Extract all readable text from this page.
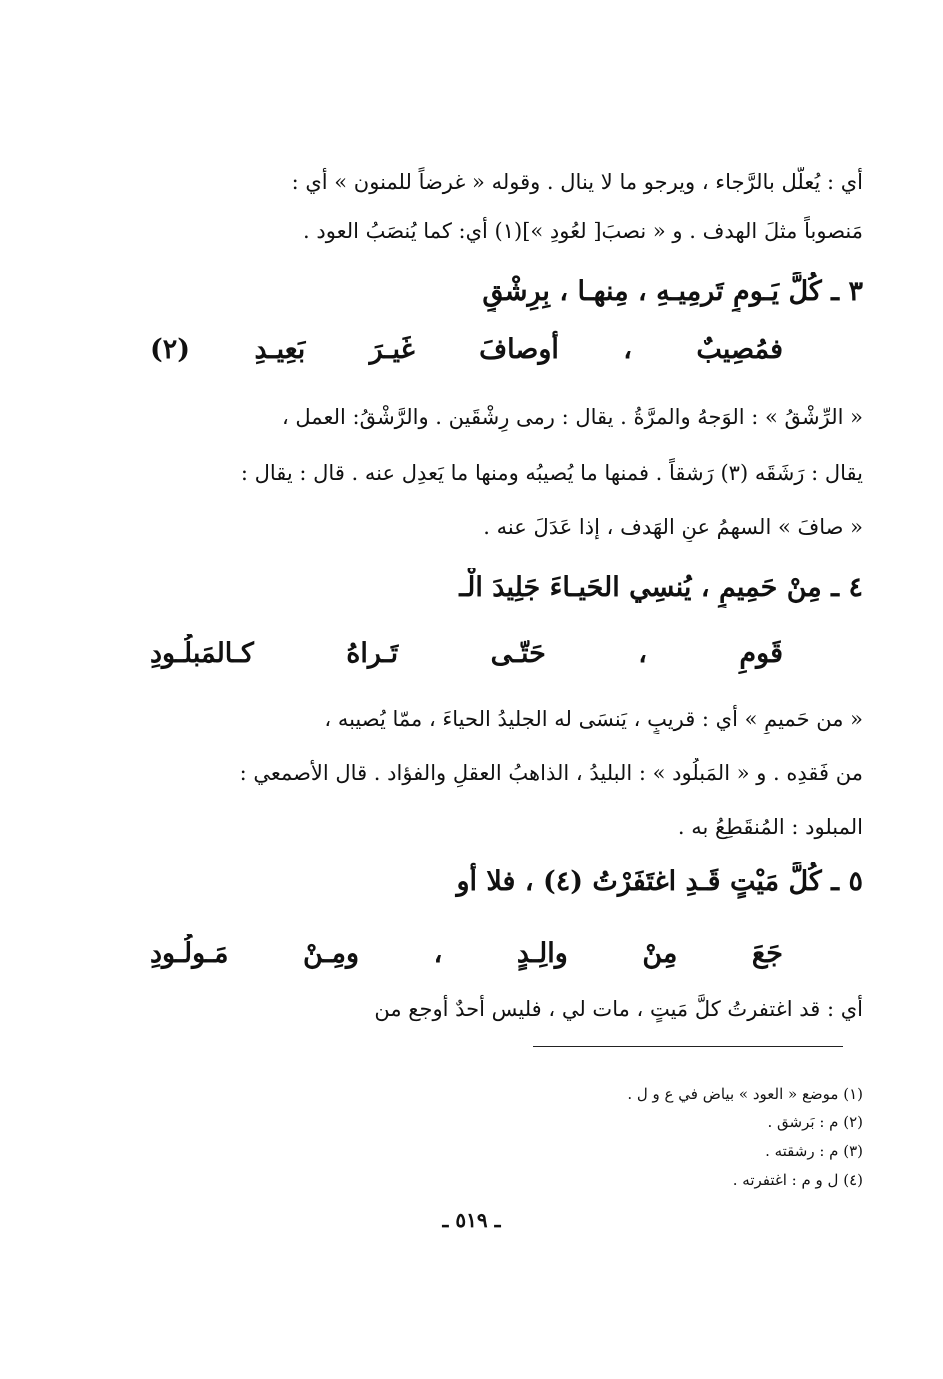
أي : يُعلَّل بالرَّجاء ، ويرجو ما لا ينال . وقوله « غرضاً للمنون » أي :
مَنصوباً مثلَ الهدف . و « نصبَ[ لعُودِ »](١) أي: كما يُنصَبُ العود .
٣ ـ كُلَّ يَـومٍ تَرمِيـهِ ، مِنهـا ، بِرِشْقٍ
فمُصِيبٌ ، أوصافَ غَيـرَ بَعِيـدِ (٢)
« الرِّشْقُ » : الوَجهُ والمرَّةُ . يقال : رمى رِشْقَين . والرَّشْقُ: العمل ،
يقال : رَشَقَه (٣) رَشقاً . فمنها ما يُصيبُه ومنها ما يَعدِل عنه . قال : يقال :
« صافَ » السهمُ عنِ الهَدف ، إذا عَدَلَ عنه .
٤ ـ مِنْ حَمِيمٍ ، يُنسِي الحَيـاءَ جَلِيدَ الْـ
قَومِ ، حَتّـى تَـراهُ كـالمَبلُـودِ
« من حَميمٍ » أي : قريبٍ ، يَنسَى له الجليدُ الحياءَ ، ممّا يُصيبه ،
من فَقدِه . و « المَبلُود » : البليدُ ، الذاهبُ العقلِ والفؤاد . قال الأصمعي :
المبلود : المُنقَطِعُ به .
٥ ـ كُلَّ مَيْتٍ قَـدِ اغتَفَرْتُ (٤) ، فلا أو
جَعَ مِنْ والِـدٍ ، ومِـنْ مَـولُـودِ
أي : قد اغتفرتُ كلَّ مَيتٍ ، مات لي ، فليس أحدٌ أوجع من
(١) موضع « العود » بياض في ع و ل .
(٢) م : بَرشق .
(٣) م : رشقته .
(٤) ل و م : اغتفرته .
ـ ٥١٩ ـ
